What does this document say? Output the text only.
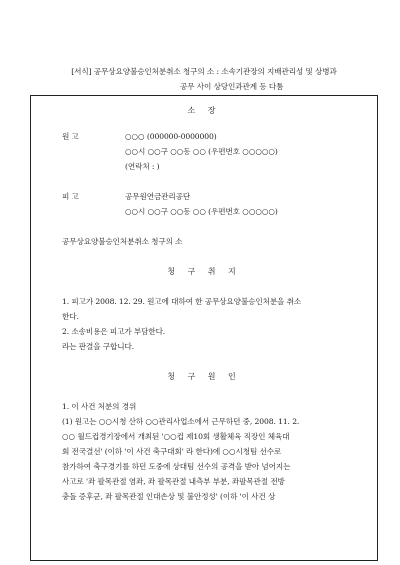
[서식] 공무상요양불승인처분취소 청구의 소 : 소속기관장의 지배관리성 및 상병과
공무 사이 상당인과관계 등 다툼
소 장
원 고	○○○ (000000-0000000)
○○시 ○○구 ○○동 ○○ (우편번호 ○○○○○)
(연락처 : )
피 고	공무원연금관리공단
○○시 ○○구 ○○동 ○○ (우편번호 ○○○○○)
공무상요양불승인처분취소 청구의 소
청 구 취 지
1. 피고가 2008. 12. 29. 원고에 대하여 한 공무상요양불승인처분을 취소
한다.
2. 소송비용은 피고가 부담한다.
라는 판결을 구합니다.
청 구 원 인
1. 이 사건 처분의 경위
(1) 원고는 ○○시청 산하 ○○관리사업소에서 근무하던 중, 2008. 11. 2.
○○ 월드컵경기장에서 개최된 '○○컵 제10회 생활체육 직장인 체육대
회 전국결선' (이하 '이 사건 축구대회' 라 한다)에 ○○시청팀 선수로
참가하여 축구경기를 하던 도중에 상대팀 선수의 공격을 받아 넘어지는
사고로 '좌 팔목관절 염좌, 좌 팔목관절 내측부 부분, 좌팔목관절 전방
충돌 증후군, 좌 팔목관절 인대손상 및 불안정성' (이하 '이 사건 상
